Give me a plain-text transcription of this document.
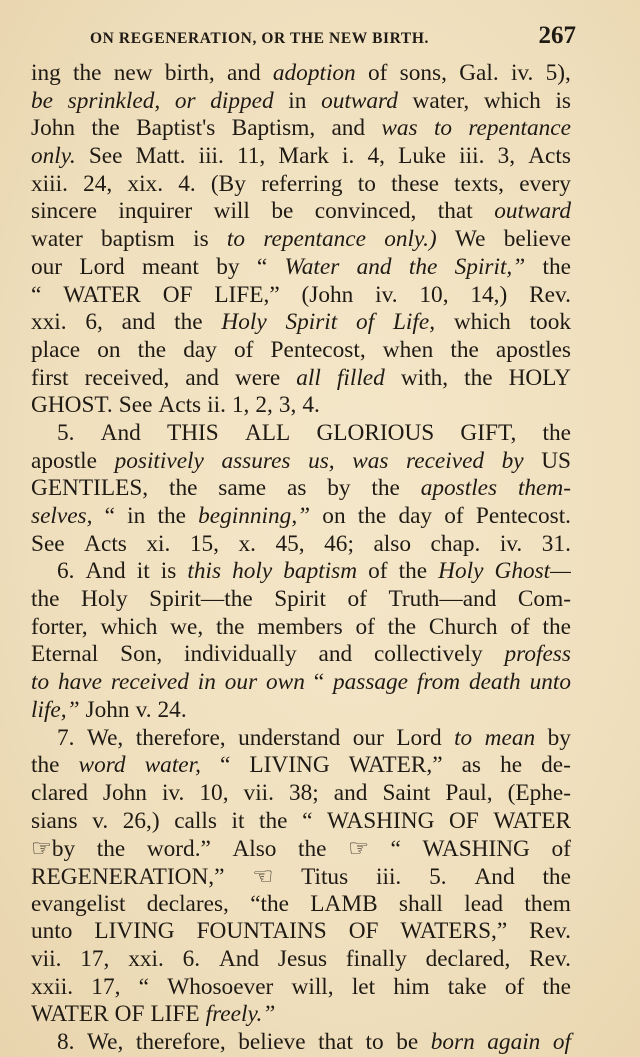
ON REGENERATION, OR THE NEW BIRTH.	267
ing the new birth, and adoption of sons, Gal. iv. 5),
be sprinkled, or dipped in outward water, which is
John the Baptist's Baptism, and was to repentance
only. See Matt. iii. 11, Mark i. 4, Luke iii. 3, Acts
xiii. 24, xix. 4. (By referring to these texts, every
sincere inquirer will be convinced, that outward
water baptism is to repentance only.) We believe
our Lord meant by “ Water and the Spirit,” the
“ WATER OF LIFE,” (John iv. 10, 14,) Rev.
xxi. 6, and the Holy Spirit of Life, which took
place on the day of Pentecost, when the apostles
first received, and were all filled with, the HOLY
GHOST. See Acts ii. 1, 2, 3, 4.
5. And THIS ALL GLORIOUS GIFT, the
apostle positively assures us, was received by US
GENTILES, the same as by the apostles them-
selves, “ in the beginning,” on the day of Pentecost.
See Acts xi. 15, x. 45, 46; also chap. iv. 31.
6. And it is this holy baptism of the Holy Ghost—
the Holy Spirit—the Spirit of Truth—and Com-
forter, which we, the members of the Church of the
Eternal Son, individually and collectively profess
to have received in our own “ passage from death unto
life,” John v. 24.
7. We, therefore, understand our Lord to mean by
the word water, “ LIVING WATER,” as he de-
clared John iv. 10, vii. 38; and Saint Paul, (Ephe-
sians v. 26,) calls it the “ WASHING OF WATER
☞by the word.” Also the ☞ “ WASHING of
REGENERATION,” ☜ Titus iii. 5. And the
evangelist declares, “the LAMB shall lead them
unto LIVING FOUNTAINS OF WATERS,” Rev.
vii. 17, xxi. 6. And Jesus finally declared, Rev.
xxii. 17, “ Whosoever will, let him take of the
WATER OF LIFE freely.”
8. We, therefore, believe that to be born again of
